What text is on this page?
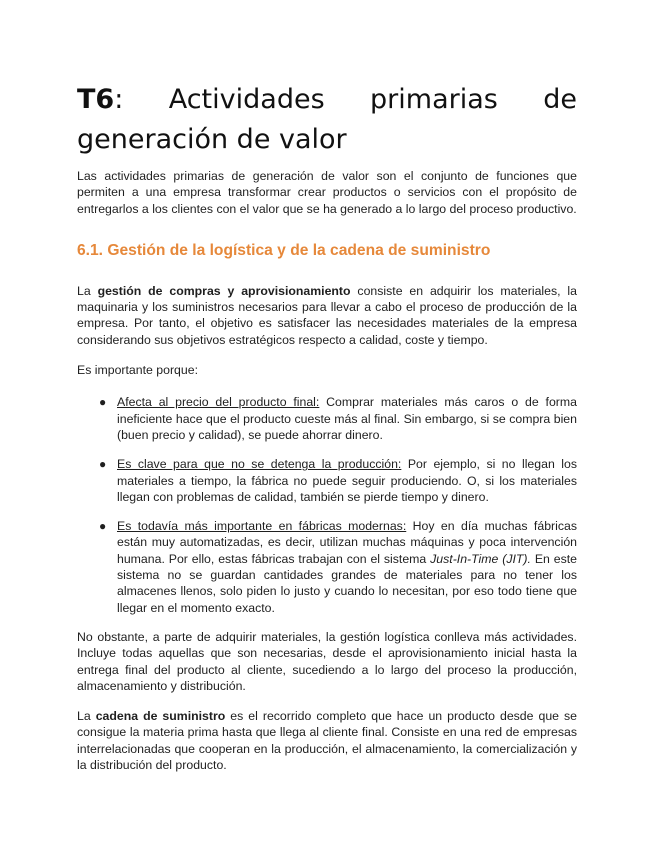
T6: Actividades primarias de generación de valor

Las actividades primarias de generación de valor son el conjunto de funciones que permiten a una empresa transformar crear productos o servicios con el propósito de entregarlos a los clientes con el valor que se ha generado a lo largo del proceso productivo.

6.1. Gestión de la logística y de la cadena de suministro

La gestión de compras y aprovisionamiento consiste en adquirir los materiales, la maquinaria y los suministros necesarios para llevar a cabo el proceso de producción de la empresa. Por tanto, el objetivo es satisfacer las necesidades materiales de la empresa considerando sus objetivos estratégicos respecto a calidad, coste y tiempo.

Es importante porque:

● Afecta al precio del producto final: Comprar materiales más caros o de forma ineficiente hace que el producto cueste más al final. Sin embargo, si se compra bien (buen precio y calidad), se puede ahorrar dinero.

● Es clave para que no se detenga la producción: Por ejemplo, si no llegan los materiales a tiempo, la fábrica no puede seguir produciendo. O, si los materiales llegan con problemas de calidad, también se pierde tiempo y dinero.

● Es todavía más importante en fábricas modernas: Hoy en día muchas fábricas están muy automatizadas, es decir, utilizan muchas máquinas y poca intervención humana. Por ello, estas fábricas trabajan con el sistema Just-In-Time (JIT). En este sistema no se guardan cantidades grandes de materiales para no tener los almacenes llenos, solo piden lo justo y cuando lo necesitan, por eso todo tiene que llegar en el momento exacto.

No obstante, a parte de adquirir materiales, la gestión logística conlleva más actividades. Incluye todas aquellas que son necesarias, desde el aprovisionamiento inicial hasta la entrega final del producto al cliente, sucediendo a lo largo del proceso la producción, almacenamiento y distribución.

La cadena de suministro es el recorrido completo que hace un producto desde que se consigue la materia prima hasta que llega al cliente final. Consiste en una red de empresas interrelacionadas que cooperan en la producción, el almacenamiento, la comercialización y la distribución del producto.
